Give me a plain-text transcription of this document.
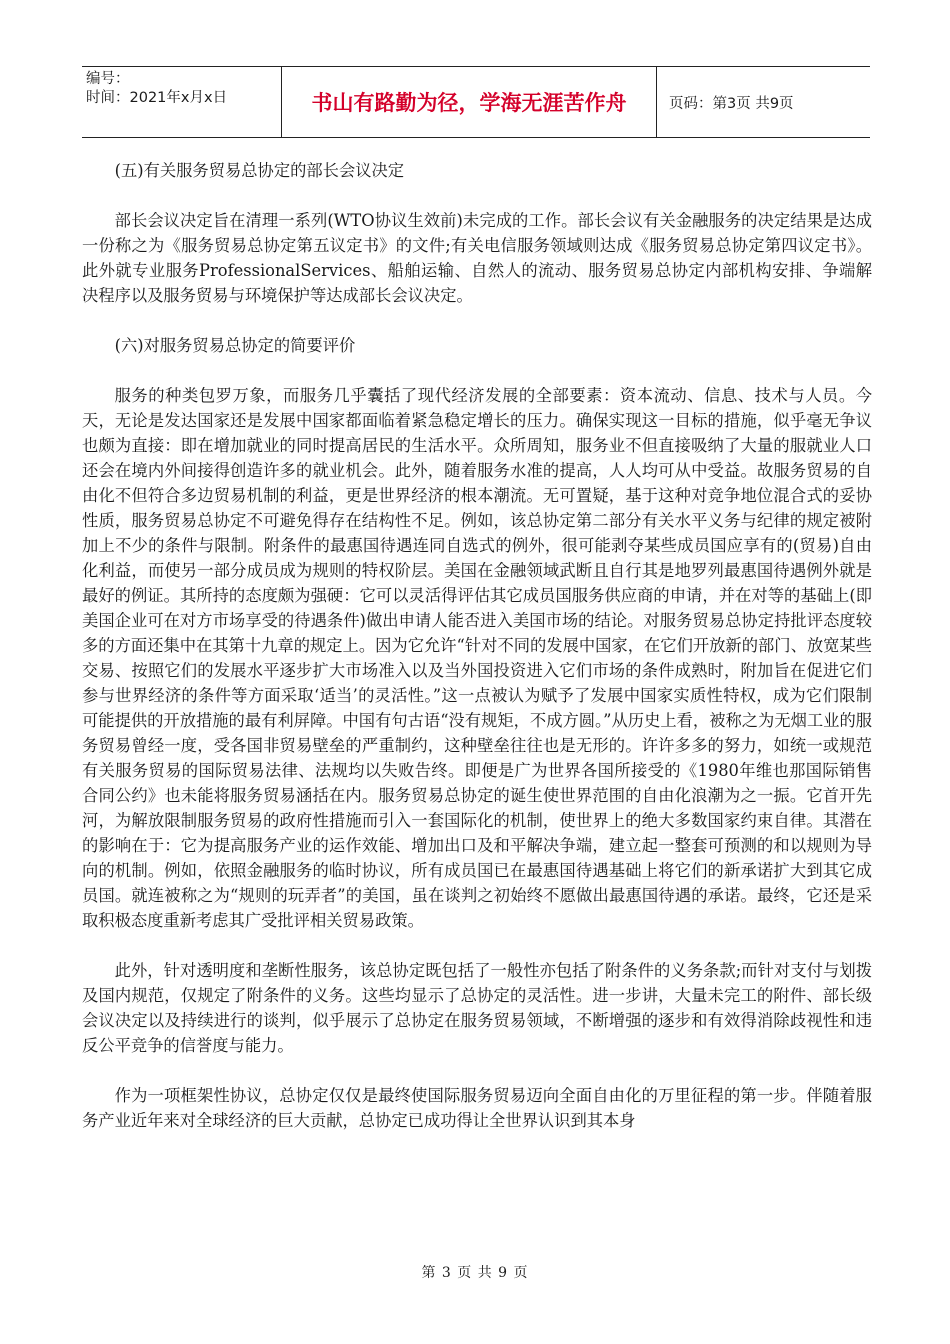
编号：
时间：2021年x月x日	书山有路勤为径，学海无涯苦作舟	页码：第3页 共9页

(五)有关服务贸易总协定的部长会议决定

部长会议决定旨在清理一系列(WTO协议生效前)未完成的工作。部长会议有关金融服务的决定结果是达成一份称之为《服务贸易总协定第五议定书》的文件;有关电信服务领域则达成《服务贸易总协定第四议定书》。此外就专业服务ProfessionalServices、船舶运输、自然人的流动、服务贸易总协定内部机构安排、争端解决程序以及服务贸易与环境保护等达成部长会议决定。

(六)对服务贸易总协定的简要评价

服务的种类包罗万象，而服务几乎囊括了现代经济发展的全部要素：资本流动、信息、技术与人员。今天，无论是发达国家还是发展中国家都面临着紧急稳定增长的压力。确保实现这一目标的措施，似乎毫无争议也颇为直接：即在增加就业的同时提高居民的生活水平。众所周知，服务业不但直接吸纳了大量的服就业人口还会在境内外间接得创造许多的就业机会。此外，随着服务水准的提高，人人均可从中受益。故服务贸易的自由化不但符合多边贸易机制的利益，更是世界经济的根本潮流。无可置疑，基于这种对竞争地位混合式的妥协性质，服务贸易总协定不可避免得存在结构性不足。例如，该总协定第二部分有关水平义务与纪律的规定被附加上不少的条件与限制。附条件的最惠国待遇连同自选式的例外，很可能剥夺某些成员国应享有的(贸易)自由化利益，而使另一部分成员成为规则的特权阶层。美国在金融领域武断且自行其是地罗列最惠国待遇例外就是最好的例证。其所持的态度颇为强硬：它可以灵活得评估其它成员国服务供应商的申请，并在对等的基础上(即美国企业可在对方市场享受的待遇条件)做出申请人能否进入美国市场的结论。对服务贸易总协定持批评态度较多的方面还集中在其第十九章的规定上。因为它允许“针对不同的发展中国家，在它们开放新的部门、放宽某些交易、按照它们的发展水平逐步扩大市场准入以及当外国投资进入它们市场的条件成熟时，附加旨在促进它们参与世界经济的条件等方面采取‘适当’的灵活性。”这一点被认为赋予了发展中国家实质性特权，成为它们限制可能提供的开放措施的最有利屏障。中国有句古语“没有规矩，不成方圆。”从历史上看，被称之为无烟工业的服务贸易曾经一度，受各国非贸易壁垒的严重制约，这种壁垒往往也是无形的。许许多多的努力，如统一或规范有关服务贸易的国际贸易法律、法规均以失败告终。即便是广为世界各国所接受的《1980年维也那国际销售合同公约》也未能将服务贸易涵括在内。服务贸易总协定的诞生使世界范围的自由化浪潮为之一振。它首开先河，为解放限制服务贸易的政府性措施而引入一套国际化的机制，使世界上的绝大多数国家约束自律。其潜在的影响在于：它为提高服务产业的运作效能、增加出口及和平解决争端，建立起一整套可预测的和以规则为导向的机制。例如，依照金融服务的临时协议，所有成员国已在最惠国待遇基础上将它们的新承诺扩大到其它成员国。就连被称之为“规则的玩弄者”的美国，虽在谈判之初始终不愿做出最惠国待遇的承诺。最终，它还是采取积极态度重新考虑其广受批评相关贸易政策。

此外，针对透明度和垄断性服务，该总协定既包括了一般性亦包括了附条件的义务条款;而针对支付与划拨及国内规范，仅规定了附条件的义务。这些均显示了总协定的灵活性。进一步讲，大量未完工的附件、部长级会议决定以及持续进行的谈判，似乎展示了总协定在服务贸易领域，不断增强的逐步和有效得消除歧视性和违反公平竞争的信誉度与能力。

作为一项框架性协议，总协定仅仅是最终使国际服务贸易迈向全面自由化的万里征程的第一步。伴随着服务产业近年来对全球经济的巨大贡献，总协定已成功得让全世界认识到其本身

第 3 页 共 9 页
